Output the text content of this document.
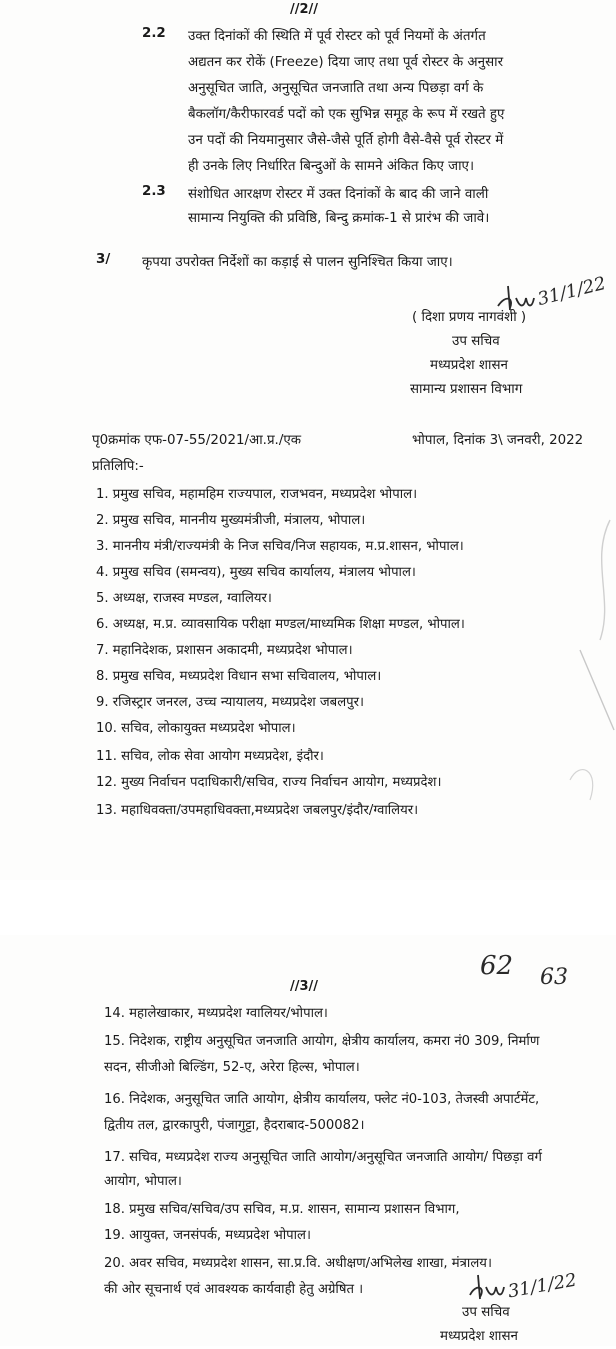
//2//
2.2 उक्त दिनांकों की स्थिति में पूर्व रोस्टर को पूर्व नियमों के अंतर्गत
अद्यतन कर रोकें (Freeze) दिया जाए तथा पूर्व रोस्टर के अनुसार
अनुसूचित जाति, अनुसूचित जनजाति तथा अन्य पिछड़ा वर्ग के
बैकलॉग/कैरीफारवर्ड पदों को एक सुभिन्न समूह के रूप में रखते हुए
उन पदों की नियमानुसार जैसे-जैसे पूर्ति होगी वैसे-वैसे पूर्व रोस्टर में
ही उनके लिए निर्धारित बिन्दुओं के सामने अंकित किए जाए।
2.3 संशोधित आरक्षण रोस्टर में उक्त दिनांकों के बाद की जाने वाली
सामान्य नियुक्ति की प्रविष्ठि, बिन्दु क्रमांक-1 से प्रारंभ की जावे।
3/ कृपया उपरोक्त निर्देशों का कड़ाई से पालन सुनिश्चित किया जाए।
31/1/22
( दिशा प्रणय नागवंशी )
उप सचिव
मध्यप्रदेश शासन
सामान्य प्रशासन विभाग
पृ0क्रमांक एफ-07-55/2021/आ.प्र./एक	भोपाल, दिनांक 3\ जनवरी, 2022
प्रतिलिपि:-
1. प्रमुख सचिव, महामहिम राज्यपाल, राजभवन, मध्यप्रदेश भोपाल।
2. प्रमुख सचिव, माननीय मुख्यमंत्रीजी, मंत्रालय, भोपाल।
3. माननीय मंत्री/राज्यमंत्री के निज सचिव/निज सहायक, म.प्र.शासन, भोपाल।
4. प्रमुख सचिव (समन्वय), मुख्य सचिव कार्यालय, मंत्रालय भोपाल।
5. अध्यक्ष, राजस्व मण्डल, ग्वालियर।
6. अध्यक्ष, म.प्र. व्यावसायिक परीक्षा मण्डल/माध्यमिक शिक्षा मण्डल, भोपाल।
7. महानिदेशक, प्रशासन अकादमी, मध्यप्रदेश भोपाल।
8. प्रमुख सचिव, मध्यप्रदेश विधान सभा सचिवालय, भोपाल।
9. रजिस्ट्रार जनरल, उच्च न्यायालय, मध्यप्रदेश जबलपुर।
10. सचिव, लोकायुक्त मध्यप्रदेश भोपाल।
11. सचिव, लोक सेवा आयोग मध्यप्रदेश, इंदौर।
12. मुख्य निर्वाचन पदाधिकारी/सचिव, राज्य निर्वाचन आयोग, मध्यप्रदेश।
13. महाधिवक्ता/उपमहाधिवक्ता,मध्यप्रदेश जबलपुर/इंदौर/ग्वालियर।
//3//
62 63
14. महालेखाकार, मध्यप्रदेश ग्वालियर/भोपाल।
15. निदेशक, राष्ट्रीय अनुसूचित जनजाति आयोग, क्षेत्रीय कार्यालय, कमरा नं0 309, निर्माण
सदन, सीजीओ बिल्डिंग, 52-ए, अरेरा हिल्स, भोपाल।
16. निदेशक, अनुसूचित जाति आयोग, क्षेत्रीय कार्यालय, फ्लेट नं0-103, तेजस्वी अपार्टमेंट,
द्वितीय तल, द्वारकापुरी, पंजागुट्टा, हैदराबाद-500082।
17. सचिव, मध्यप्रदेश राज्य अनुसूचित जाति आयोग/अनुसूचित जनजाति आयोग/ पिछड़ा वर्ग
आयोग, भोपाल।
18. प्रमुख सचिव/सचिव/उप सचिव, म.प्र. शासन, सामान्य प्रशासन विभाग,
19. आयुक्त, जनसंपर्क, मध्यप्रदेश भोपाल।
20. अवर सचिव, मध्यप्रदेश शासन, सा.प्र.वि. अधीक्षण/अभिलेख शाखा, मंत्रालय।
की ओर सूचनार्थ एवं आवश्यक कार्यवाही हेतु अग्रेषित ।	31/1/22
उप सचिव
मध्यप्रदेश शासन
